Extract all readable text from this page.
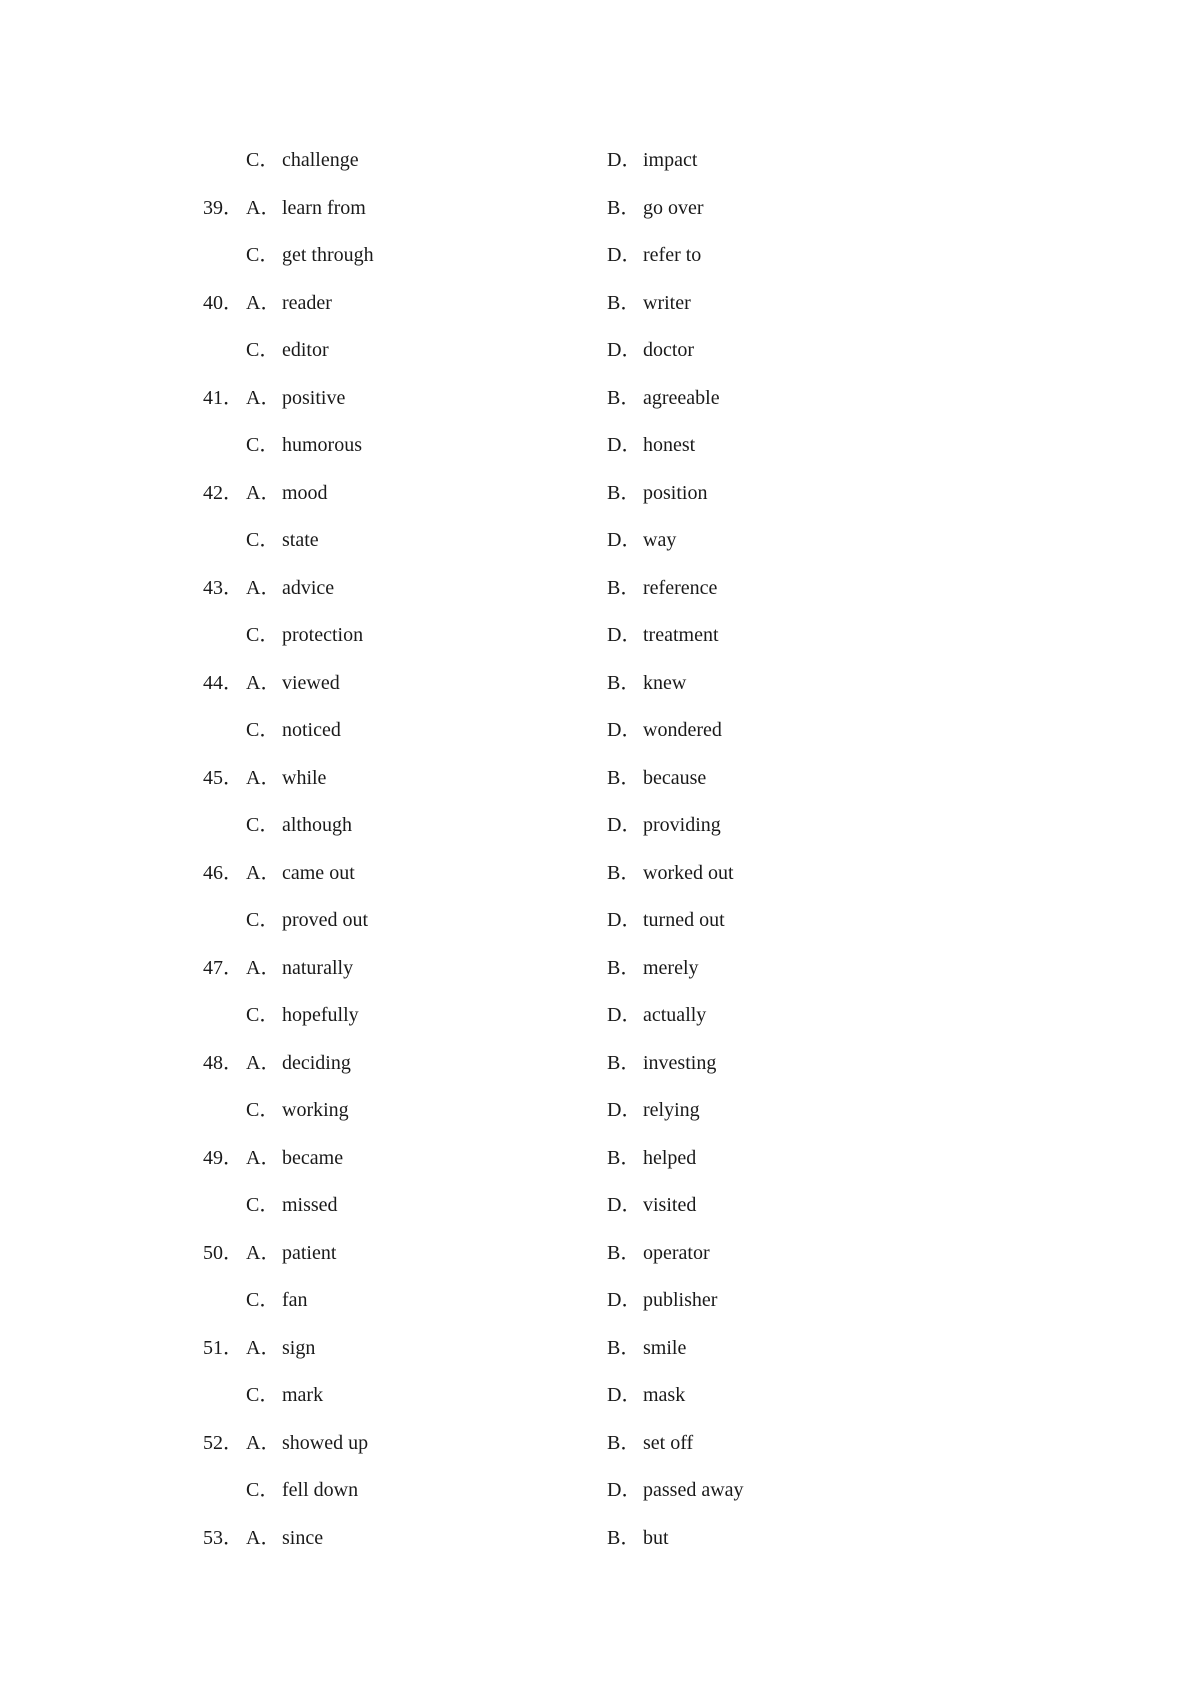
C． challenge	D．impact
39． A．learn from	B． go over
C． get through	D．refer to
40． A．reader	B． writer
C． editor	D．doctor
41． A．positive	B． agreeable
C． humorous	D．honest
42． A．mood	B． position
C． state	D．way
43． A．advice	B． reference
C． protection	D．treatment
44． A．viewed	B． knew
C． noticed	D．wondered
45． A．while	B． because
C． although	D．providing
46． A．came out	B． worked out
C． proved out	D．turned out
47． A．naturally	B． merely
C． hopefully	D．actually
48． A．deciding	B． investing
C． working	D．relying
49． A．became	B． helped
C． missed	D．visited
50． A．patient	B． operator
C． fan	D．publisher
51． A．sign	B． smile
C． mark	D．mask
52． A．showed up	B． set off
C． fell down	D．passed away
53． A．since	B． but
